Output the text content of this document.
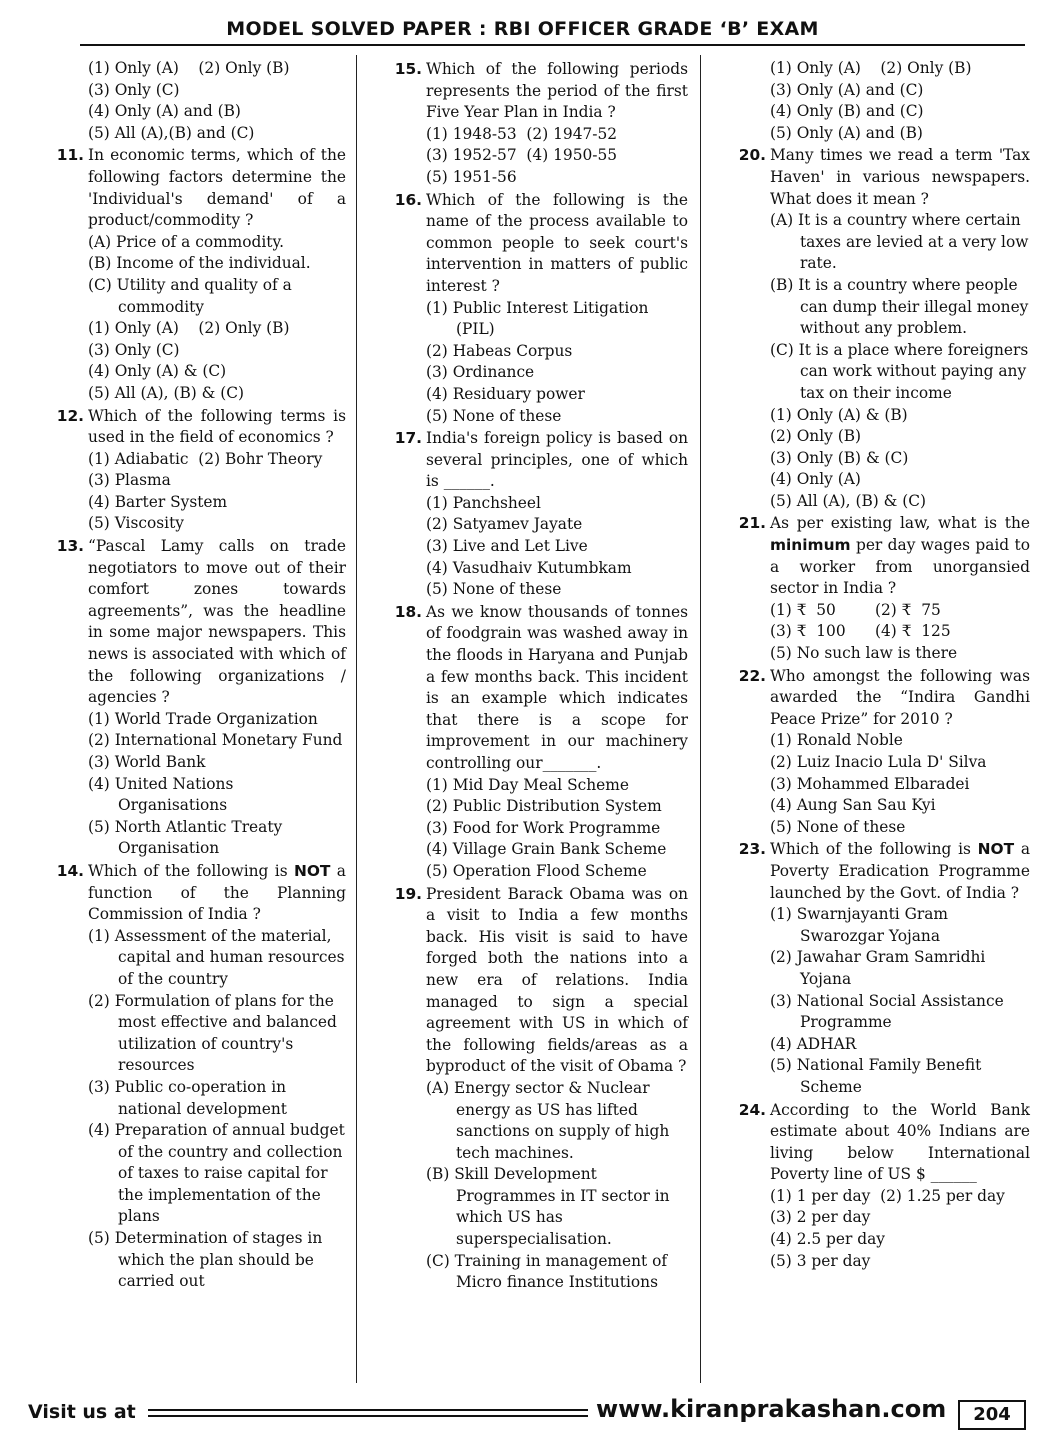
MODEL SOLVED PAPER : RBI OFFICER GRADE ‘B’ EXAM
(1) Only (A)    (2) Only (B)
(3) Only (C)
(4) Only (A) and (B)
(5) All (A),(B) and (C)
11. In economic terms, which of the following factors determine the 'Individual's demand' of a product/commodity ?
(A) Price of a commodity.
(B) Income of the individual.
(C) Utility and quality of a commodity
(1) Only (A)    (2) Only (B)
(3) Only (C)
(4) Only (A) & (C)
(5) All (A), (B) & (C)
12. Which of the following terms is used in the field of economics ?
(1) Adiabatic  (2) Bohr Theory
(3) Plasma
(4) Barter System
(5) Viscosity
13. “Pascal Lamy calls on trade negotiators to move out of their comfort zones towards agreements”, was the headline in some major newspapers. This news is associated with which of the following organizations / agencies ?
(1) World Trade Organization
(2) International Monetary Fund
(3) World Bank
(4) United Nations Organisations
(5) North Atlantic Treaty Organisation
14. Which of the following is NOT a function of the Planning Commission of India ?
(1) Assessment of the material, capital and human resources of the country
(2) Formulation of plans for the most effective and balanced utilization of country's resources
(3) Public co-operation in national development
(4) Preparation of annual budget of the country and collection of taxes to raise capital for the implementation of the plans
(5) Determination of stages in which the plan should be carried out
15. Which of the following periods represents the period of the first Five Year Plan in India ?
(1) 1948-53  (2) 1947-52
(3) 1952-57  (4) 1950-55
(5) 1951-56
16. Which of the following is the name of the process available to common people to seek court's intervention in matters of public interest ?
(1) Public Interest Litigation (PIL)
(2) Habeas Corpus
(3) Ordinance
(4) Residuary power
(5) None of these
17. India's foreign policy is based on several principles, one of which is ______.
(1) Panchsheel
(2) Satyamev Jayate
(3) Live and Let Live
(4) Vasudhaiv Kutumbkam
(5) None of these
18. As we know thousands of tonnes of foodgrain was washed away in the floods in Haryana and Punjab a few months back. This incident is an example which indicates that there is a scope for improvement in our machinery controlling our_______.
(1) Mid Day Meal Scheme
(2) Public Distribution System
(3) Food for Work Programme
(4) Village Grain Bank Scheme
(5) Operation Flood Scheme
19. President Barack Obama was on a visit to India a few months back. His visit is said to have forged both the nations into a new era of relations. India managed to sign a special agreement with US in which of the following fields/areas as a byproduct of the visit of Obama ?
(A) Energy sector & Nuclear energy as US has lifted sanctions on supply of high tech machines.
(B) Skill Development Programmes in IT sector in which US has superspecialisation.
(C) Training in management of Micro finance Institutions
(1) Only (A)    (2) Only (B)
(3) Only (A) and (C)
(4) Only (B) and (C)
(5) Only (A) and (B)
20. Many times we read a term 'Tax Haven' in various newspapers. What does it mean ?
(A) It is a country where certain taxes are levied at a very low rate.
(B) It is a country where people can dump their illegal money without any problem.
(C) It is a place where foreigners can work without paying any tax on their income
(1) Only (A) & (B)
(2) Only (B)
(3) Only (B) & (C)
(4) Only (A)
(5) All (A), (B) & (C)
21. As per existing law, what is the minimum per day wages paid to a worker from unorgansied sector in India ?
(1) ₹  50        (2) ₹  75
(3) ₹  100      (4) ₹  125
(5) No such law is there
22. Who amongst the following was awarded the “Indira Gandhi Peace Prize” for 2010 ?
(1) Ronald Noble
(2) Luiz Inacio Lula D' Silva
(3) Mohammed Elbaradei
(4) Aung San Sau Kyi
(5) None of these
23. Which of the following is NOT a Poverty Eradication Programme launched by the Govt. of India ?
(1) Swarnjayanti Gram Swarozgar Yojana
(2) Jawahar Gram Samridhi Yojana
(3) National Social Assistance Programme
(4) ADHAR
(5) National Family Benefit Scheme
24. According to the World Bank estimate about 40% Indians are living below International Poverty line of US $ ______
(1) 1 per day  (2) 1.25 per day
(3) 2 per day
(4) 2.5 per day
(5) 3 per day
Visit us at	www.kiranprakashan.com	204
